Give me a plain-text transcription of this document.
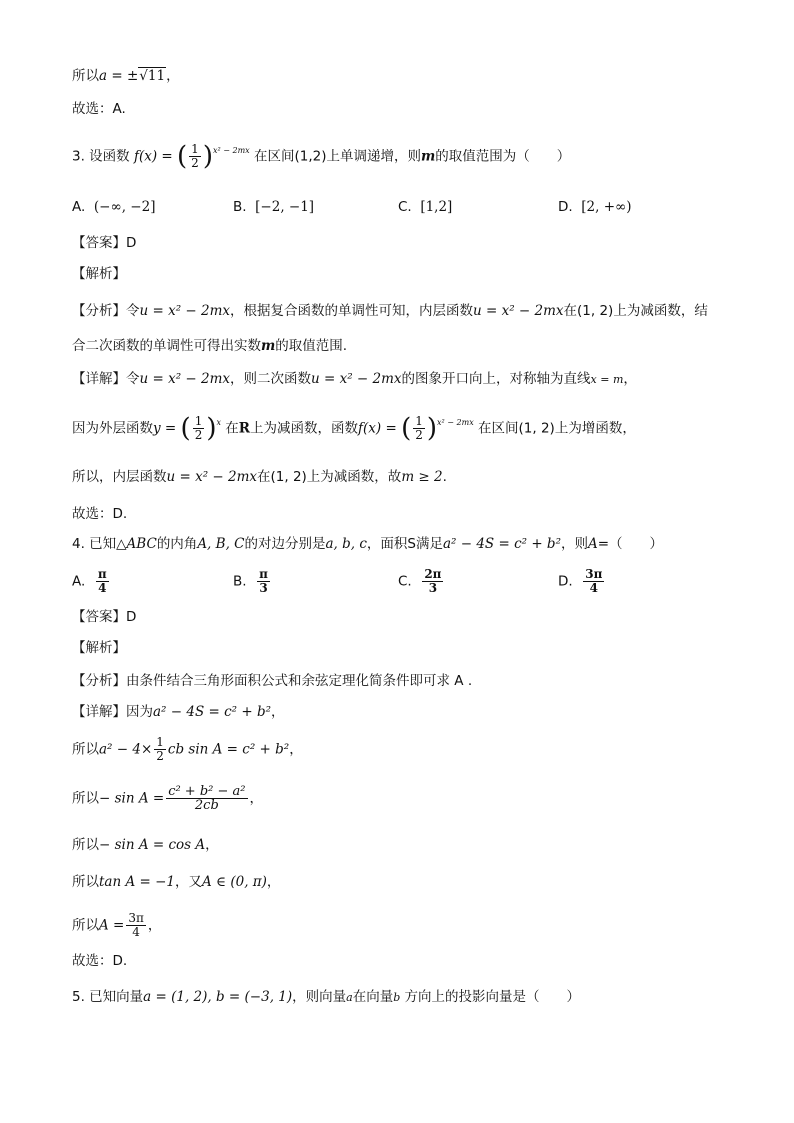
所以a = ±√11，
故选：A.
3. 设函数 f(x) = ( $\frac{1}{2} )^{x^2 - 2mx}$ 在区间(1,2)上单调递增，则m的取值范围为（　　）
A. (−∞, −2]	B. [−2, −1]	C. [1,2]	D. [2, +∞)
【答案】D
【解析】
【分析】令u = x² − 2mx，根据复合函数的单调性可知，内层函数u = x² − 2mx在(1, 2)上为减函数，结
合二次函数的单调性可得出实数m的取值范围.
【详解】令u = x² − 2mx，则二次函数u = x² − 2mx的图象开口向上，对称轴为直线x = m，
因为外层函数y = ( $\frac{1}{2} )^x$ 在R上为减函数，函数f(x) = ( $\frac{1}{2} )^{x^2 - 2mx}$ 在区间(1, 2)上为增函数，
所以，内层函数u = x² − 2mx在(1, 2)上为减函数，故m ≥ 2.
故选：D.
4. 已知△ABC的内角A, B, C的对边分别是a, b, c，面积S满足a² − 4S = c² + b²，则A=（　　）
A. $\frac{\pi}{4}$	B. $\frac{\pi}{3}$	C. $\frac{2\pi}{3}$	D. $\frac{3\pi}{4}$
【答案】D
【解析】
【分析】由条件结合三角形面积公式和余弦定理化简条件即可求 A .
【详解】因为a² − 4S = c² + b²，
所以$a^2 - 4\times \frac{1}{2}$ cb sin A = c² + b²，
所以− $\sin A = \frac{\text{c² + b² − a²}}{2cb}$ ，
所以− sin A = cos A，
所以tan A = −1，又A ∈ (0, π)，
所以$A = \frac{3\pi}{4}$ ，
故选：D.
5. 已知向量a = (1, 2), b = (−3, 1)，则向量a在向量b 方向上的投影向量是（　　）
